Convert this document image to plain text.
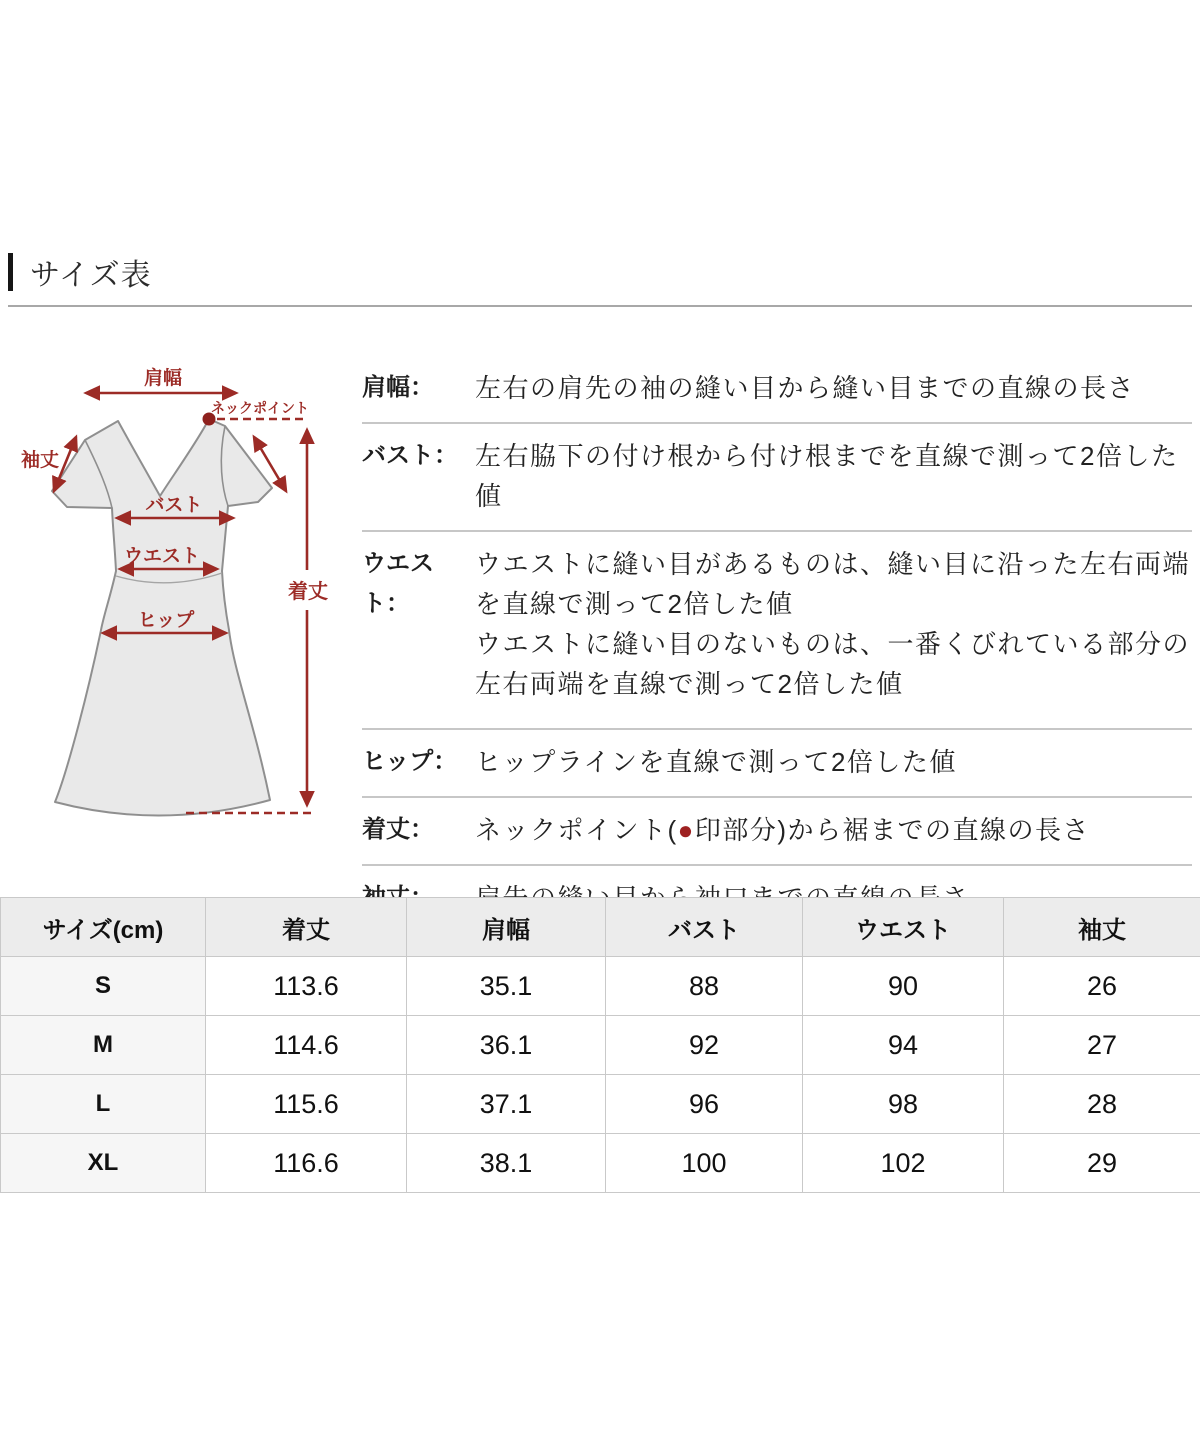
サイズ表
肩幅
ネックポイント
袖丈
バスト
ウエスト
ヒップ
着丈
肩幅：	左右の肩先の袖の縫い目から縫い目までの直線の長さ
バスト： 左右脇下の付け根から付け根までを直線で測って2倍した値
ウエスト：
ウエストに縫い目があるものは、縫い目に沿った左右両端
を直線で測って2倍した値
ウエストに縫い目のないものは、一番くびれている部分の
左右両端を直線で測って2倍した値
ヒップ： ヒップラインを直線で測って2倍した値
着丈：	ネックポイント(●印部分)から裾までの直線の長さ
サイズ(cm)	着丈	肩幅	バスト	ウエスト	袖丈
S	113.6	35.1	88	90	26
M	114.6	36.1	92	94	27
L	115.6	37.1	96	98	28
XL	116.6	38.1	100	102	29
